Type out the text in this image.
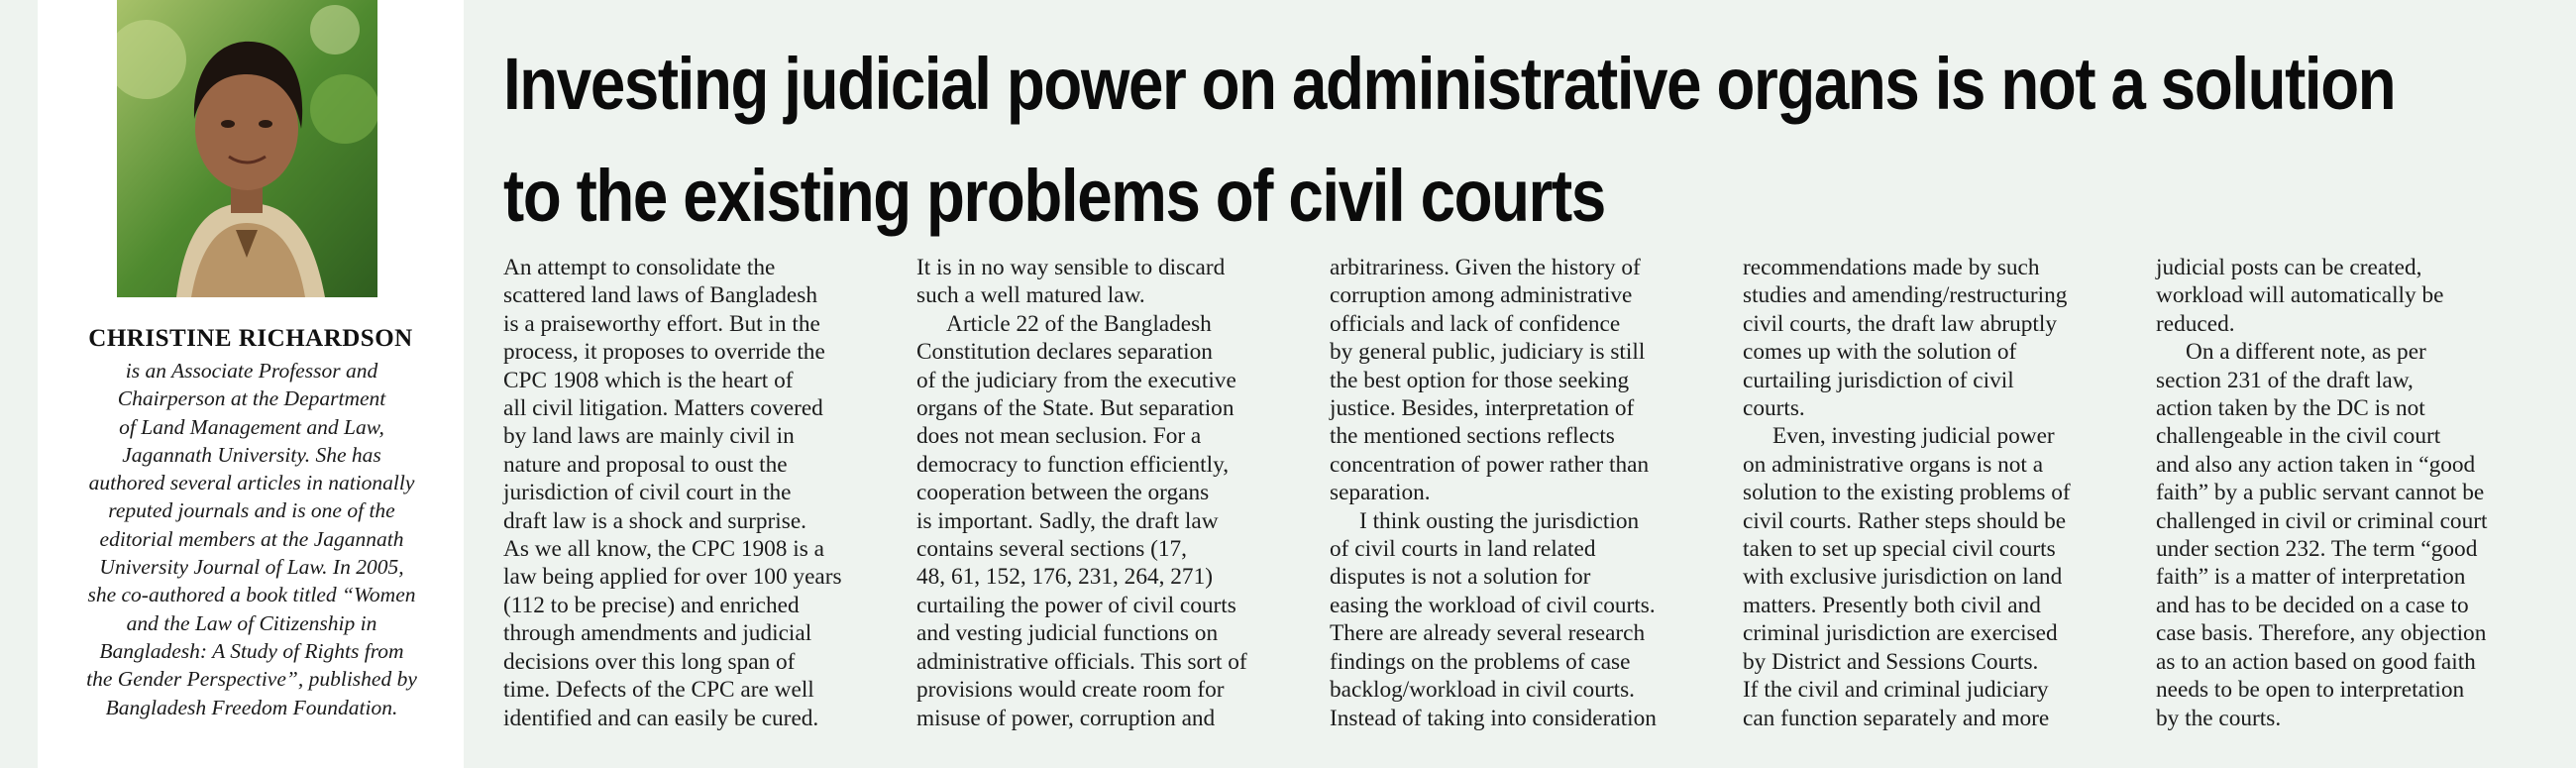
CHRISTINE RICHARDSON
is an Associate Professor and
Chairperson at the Department
of Land Management and Law,
Jagannath University. She has
authored several articles in nationally
reputed journals and is one of the
editorial members at the Jagannath
University Journal of Law. In 2005,
she co-authored a book titled “Women
and the Law of Citizenship in
Bangladesh: A Study of Rights from
the Gender Perspective”, published by
Bangladesh Freedom Foundation.
Investing judicial power on administrative organs is not a solution
to the existing problems of civil courts
An attempt to consolidate the
scattered land laws of Bangladesh
is a praiseworthy effort. But in the
process, it proposes to override the
CPC 1908 which is the heart of
all civil litigation. Matters covered
by land laws are mainly civil in
nature and proposal to oust the
jurisdiction of civil court in the
draft law is a shock and surprise.
As we all know, the CPC 1908 is a
law being applied for over 100 years
(112 to be precise) and enriched
through amendments and judicial
decisions over this long span of
time. Defects of the CPC are well
identified and can easily be cured.
It is in no way sensible to discard
such a well matured law.
Article 22 of the Bangladesh
Constitution declares separation
of the judiciary from the executive
organs of the State. But separation
does not mean seclusion. For a
democracy to function efficiently,
cooperation between the organs
is important. Sadly, the draft law
contains several sections (17,
48, 61, 152, 176, 231, 264, 271)
curtailing the power of civil courts
and vesting judicial functions on
administrative officials. This sort of
provisions would create room for
misuse of power, corruption and
arbitrariness. Given the history of
corruption among administrative
officials and lack of confidence
by general public, judiciary is still
the best option for those seeking
justice. Besides, interpretation of
the mentioned sections reflects
concentration of power rather than
separation.
I think ousting the jurisdiction
of civil courts in land related
disputes is not a solution for
easing the workload of civil courts.
There are already several research
findings on the problems of case
backlog/workload in civil courts.
Instead of taking into consideration
recommendations made by such
studies and amending/restructuring
civil courts, the draft law abruptly
comes up with the solution of
curtailing jurisdiction of civil
courts.
Even, investing judicial power
on administrative organs is not a
solution to the existing problems of
civil courts. Rather steps should be
taken to set up special civil courts
with exclusive jurisdiction on land
matters. Presently both civil and
criminal jurisdiction are exercised
by District and Sessions Courts.
If the civil and criminal judiciary
can function separately and more
judicial posts can be created,
workload will automatically be
reduced.
On a different note, as per
section 231 of the draft law,
action taken by the DC is not
challengeable in the civil court
and also any action taken in “good
faith” by a public servant cannot be
challenged in civil or criminal court
under section 232. The term “good
faith” is a matter of interpretation
and has to be decided on a case to
case basis. Therefore, any objection
as to an action based on good faith
needs to be open to interpretation
by the courts.
